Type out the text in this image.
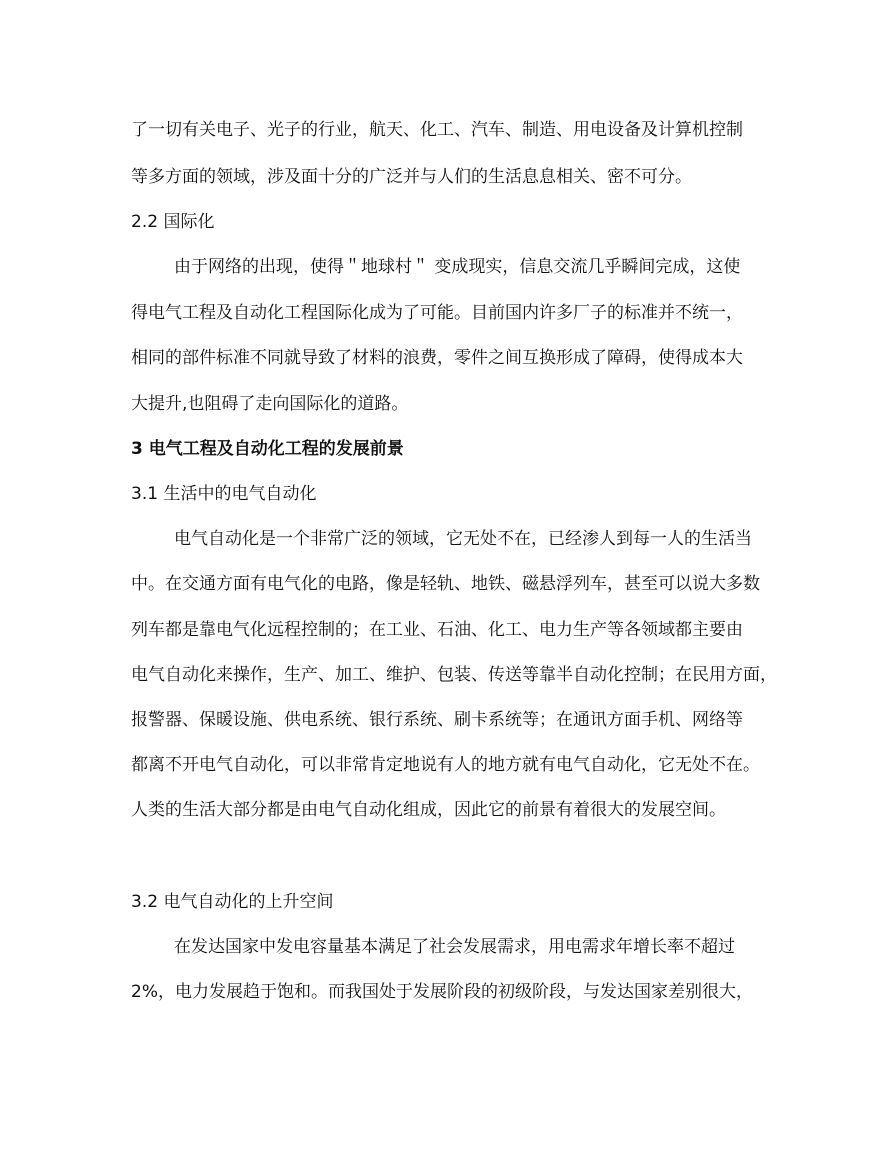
了一切有关电子、光子的行业，航天、化工、汽车、制造、用电设备及计算机控制
等多方面的领域，涉及面十分的广泛并与人们的生活息息相关、密不可分。
2.2 国际化
由于网络的出现，使得＂地球村＂ 变成现实，信息交流几乎瞬间完成，这使
得电气工程及自动化工程国际化成为了可能。目前国内许多厂子的标准并不统一，
相同的部件标准不同就导致了材料的浪费，零件之间互换形成了障碍，使得成本大
大提升,也阻碍了走向国际化的道路。
3 电气工程及自动化工程的发展前景
3.1 生活中的电气自动化
电气自动化是一个非常广泛的领域，它无处不在，已经渗人到每一人的生活当
中。在交通方面有电气化的电路，像是轻轨、地铁、磁悬浮列车，甚至可以说大多数
列车都是靠电气化远程控制的；在工业、石油、化工、电力生产等各领域都主要由
电气自动化来操作，生产、加工、维护、包装、传送等靠半自动化控制；在民用方面，
报警器、保暖设施、供电系统、银行系统、刷卡系统等；在通讯方面手机、网络等
都离不开电气自动化，可以非常肯定地说有人的地方就有电气自动化，它无处不在。
人类的生活大部分都是由电气自动化组成，因此它的前景有着很大的发展空间。
3.2 电气自动化的上升空间
在发达国家中发电容量基本满足了社会发展需求，用电需求年增长率不超过
2%，电力发展趋于饱和。而我国处于发展阶段的初级阶段，与发达国家差别很大，
